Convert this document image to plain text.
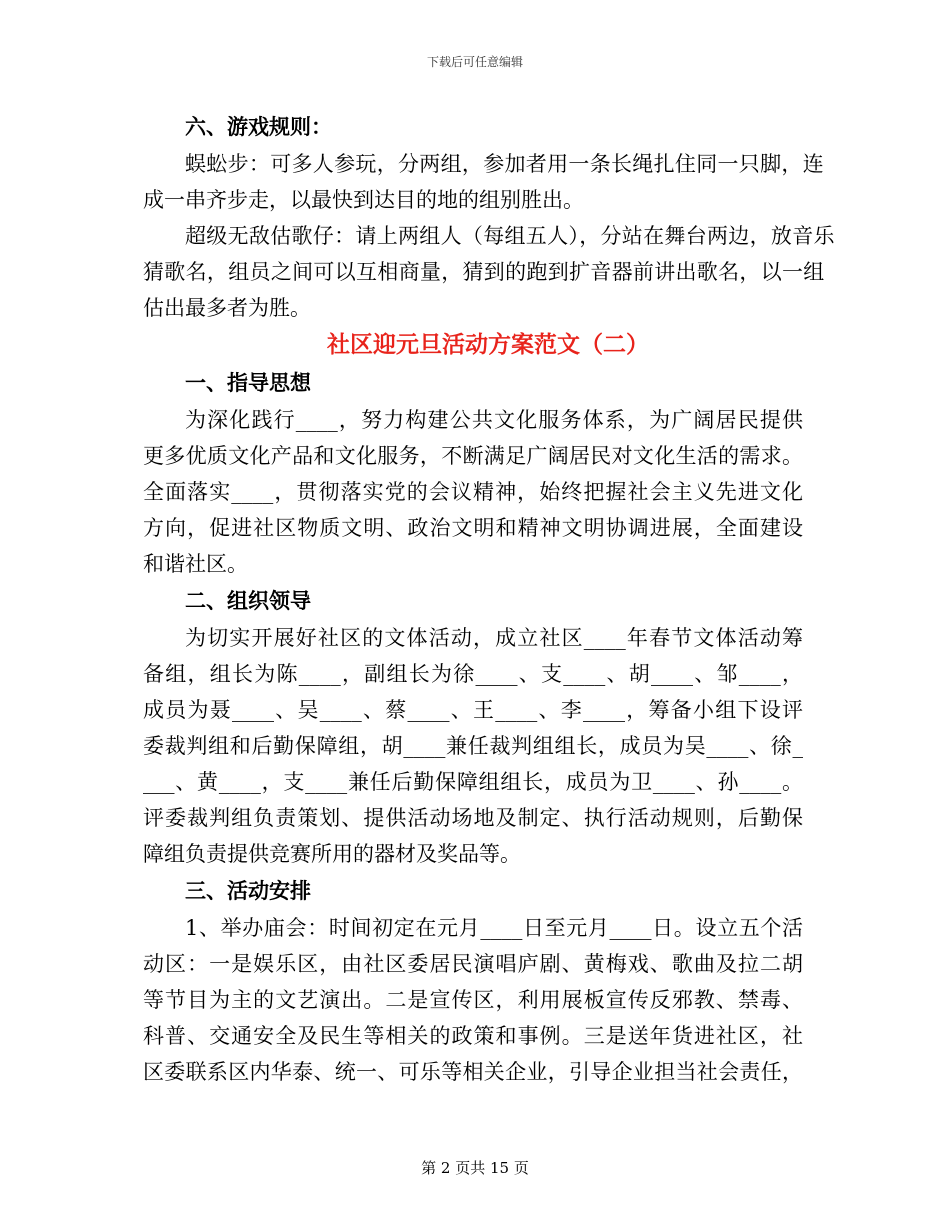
下载后可任意编辑
六、游戏规则：
蜈蚣步：可多人参玩，分两组，参加者用一条长绳扎住同一只脚，连
成一串齐步走，以最快到达目的地的组别胜出。
超级无敌估歌仔：请上两组人（每组五人），分站在舞台两边，放音乐
猜歌名，组员之间可以互相商量，猜到的跑到扩音器前讲出歌名，以一组
估出最多者为胜。
社区迎元旦活动方案范文（二）
一、指导思想
为深化践行____，努力构建公共文化服务体系，为广阔居民提供
更多优质文化产品和文化服务，不断满足广阔居民对文化生活的需求。
全面落实____，贯彻落实党的会议精神，始终把握社会主义先进文化
方向，促进社区物质文明、政治文明和精神文明协调进展，全面建设
和谐社区。
二、组织领导
为切实开展好社区的文体活动，成立社区____年春节文体活动筹
备组，组长为陈____，副组长为徐____、支____、胡____、邹____，
成员为聂____、吴____、蔡____、王____、李____，筹备小组下设评
委裁判组和后勤保障组，胡____兼任裁判组组长，成员为吴____、徐_
___、黄____，支____兼任后勤保障组组长，成员为卫____、孙____。
评委裁判组负责策划、提供活动场地及制定、执行活动规则，后勤保
障组负责提供竞赛所用的器材及奖品等。
三、活动安排
1、举办庙会：时间初定在元月____日至元月____日。设立五个活
动区：一是娱乐区，由社区委居民演唱庐剧、黄梅戏、歌曲及拉二胡
等节目为主的文艺演出。二是宣传区，利用展板宣传反邪教、禁毒、
科普、交通安全及民生等相关的政策和事例。三是送年货进社区，社
区委联系区内华泰、统一、可乐等相关企业，引导企业担当社会责任，
第 2 页共 15 页
